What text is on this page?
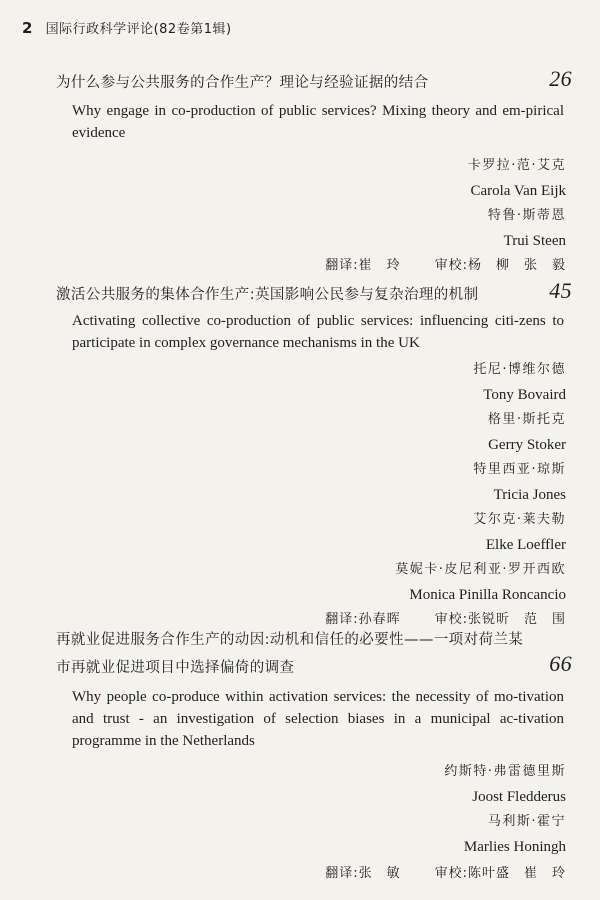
2 国际行政科学评论(82卷第1辑)
为什么参与公共服务的合作生产？理论与经验证据的结合	26
Why engage in co-production of public services? Mixing theory and em-pirical evidence
卡罗拉·范·艾克
Carola Van Eijk
特鲁·斯蒂恩
Trui Steen
翻译:崔　玲	审校:杨　柳　张　毅
激活公共服务的集体合作生产:英国影响公民参与复杂治理的机制	45
Activating collective co-production of public services: influencing citi-zens to participate in complex governance mechanisms in the UK
托尼·博维尔德
Tony Bovaird
格里·斯托克
Gerry Stoker
特里西亚·琼斯
Tricia Jones
艾尔克·莱夫勒
Elke Loeffler
莫妮卡·皮尼利亚·罗开西欧
Monica Pinilla Roncancio
翻译:孙春晖	审校:张锐昕　范　围
再就业促进服务合作生产的动因:动机和信任的必要性——一项对荷兰某
市再就业促进项目中选择偏倚的调查	66
Why people co-produce within activation services: the necessity of mo-tivation and trust - an investigation of selection biases in a municipal ac-tivation programme in the Netherlands
约斯特·弗雷德里斯
Joost Fledderus
马利斯·霍宁
Marlies Honingh
翻译:张　敏	审校:陈叶盛　崔　玲
